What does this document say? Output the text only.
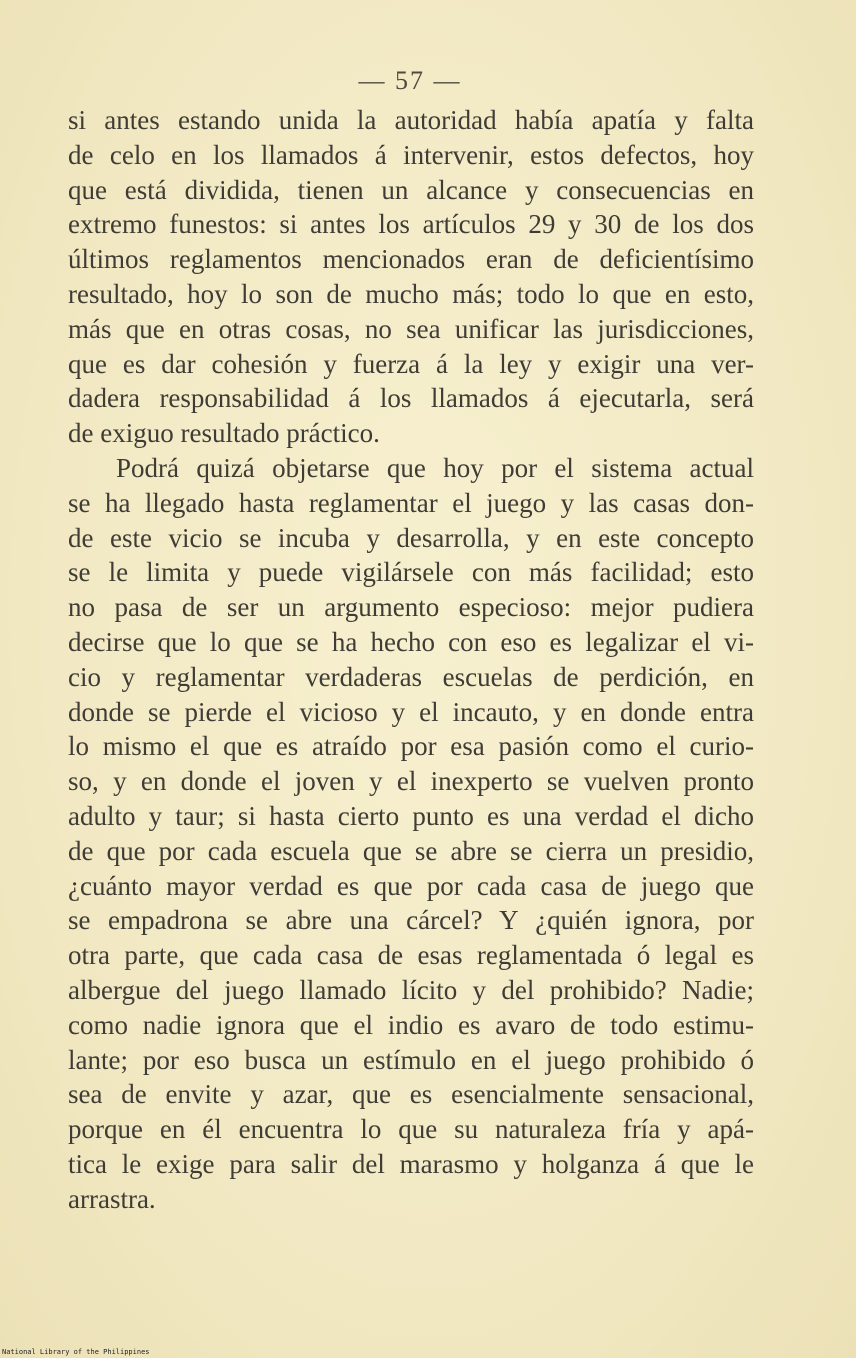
— 57 —
si antes estando unida la autoridad había apatía y falta
de celo en los llamados á intervenir, estos defectos, hoy
que está dividida, tienen un alcance y consecuencias en
extremo funestos: si antes los artículos 29 y 30 de los dos
últimos reglamentos mencionados eran de deficientísimo
resultado, hoy lo son de mucho más; todo lo que en esto,
más que en otras cosas, no sea unificar las jurisdicciones,
que es dar cohesión y fuerza á la ley y exigir una ver-
dadera responsabilidad á los llamados á ejecutarla, será
de exiguo resultado práctico.
Podrá quizá objetarse que hoy por el sistema actual
se ha llegado hasta reglamentar el juego y las casas don-
de este vicio se incuba y desarrolla, y en este concepto
se le limita y puede vigilársele con más facilidad; esto
no pasa de ser un argumento especioso: mejor pudiera
decirse que lo que se ha hecho con eso es legalizar el vi-
cio y reglamentar verdaderas escuelas de perdición, en
donde se pierde el vicioso y el incauto, y en donde entra
lo mismo el que es atraído por esa pasión como el curio-
so, y en donde el joven y el inexperto se vuelven pronto
adulto y taur; si hasta cierto punto es una verdad el dicho
de que por cada escuela que se abre se cierra un presidio,
¿cuánto mayor verdad es que por cada casa de juego que
se empadrona se abre una cárcel? Y ¿quién ignora, por
otra parte, que cada casa de esas reglamentada ó legal es
albergue del juego llamado lícito y del prohibido? Nadie;
como nadie ignora que el indio es avaro de todo estimu-
lante; por eso busca un estímulo en el juego prohibido ó
sea de envite y azar, que es esencialmente sensacional,
porque en él encuentra lo que su naturaleza fría y apá-
tica le exige para salir del marasmo y holganza á que le
arrastra.
National Library of the Philippines
